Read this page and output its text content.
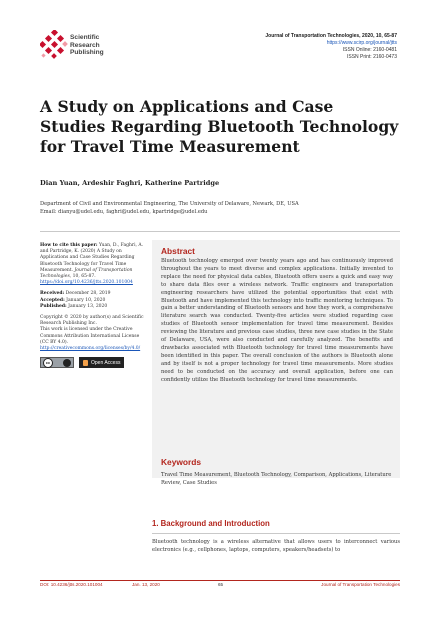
Scientific
Research
Publishing
Journal of Transportation Technologies, 2020, 10, 65-87
https://www.scirp.org/journal/jtts
ISSN Online: 2160-0481
ISSN Print: 2160-0473
A Study on Applications and Case Studies Regarding Bluetooth Technology for Travel Time Measurement
Dian Yuan, Ardeshir Faghri, Katherine Partridge
Department of Civil and Environmental Engineering, The University of Delaware, Newark, DE, USA
Email: dianyu@udel.edu, faghri@udel.edu, kpartridge@udel.edu

How to cite this paper: Yuan, D., Faghri, A. and Partridge, K. (2020) A Study on Applications and Case Studies Regarding Bluetooth Technology for Travel Time Measurement. Journal of Transportation Technologies, 10, 65-87.
https://doi.org/10.4236/jtts.2020.101004

Received: December 28, 2019
Accepted: January 10, 2020
Published: January 13, 2020

Copyright © 2020 by author(s) and Scientific Research Publishing Inc.
This work is licensed under the Creative Commons Attribution International License (CC BY 4.0).
http://creativecommons.org/licenses/by/4.0/

cc	Open Access
Abstract
Bluetooth technology emerged over twenty years ago and has continuously improved throughout the years to meet diverse and complex applications. Initially invented to replace the need for physical data cables, Bluetooth offers users a quick and easy way to share data files over a wireless network. Traffic engineers and transportation engineering researchers have utilized the potential opportunities that exist with Bluetooth and have implemented this technology into traffic monitoring techniques. To gain a better understanding of Bluetooth sensors and how they work, a comprehensive literature search was conducted. Twenty-five articles were studied regarding case studies of Bluetooth sensor implementation for travel time measurement. Besides reviewing the literature and previous case studies, three new case studies in the State of Delaware, USA, were also conducted and carefully analyzed. The benefits and drawbacks associated with Bluetooth technology for travel time measurements have been identified in this paper. The overall conclusion of the authors is Bluetooth alone and by itself is not a proper technology for travel time measurements. More studies need to be conducted on the accuracy and overall application, before one can confidently utilize the Bluetooth technology for travel time measurements.
Keywords
Travel Time Measurement, Bluetooth Technology, Comparison, Applications, Literature Review, Case Studies
1. Background and Introduction
Bluetooth technology is a wireless alternative that allows users to interconnect various electronics (e.g., cellphones, laptops, computers, speakers/headsets) to
DOI: 10.4236/jtts.2020.101004	Jan. 13, 2020	65	Journal of Transportation Technologies
